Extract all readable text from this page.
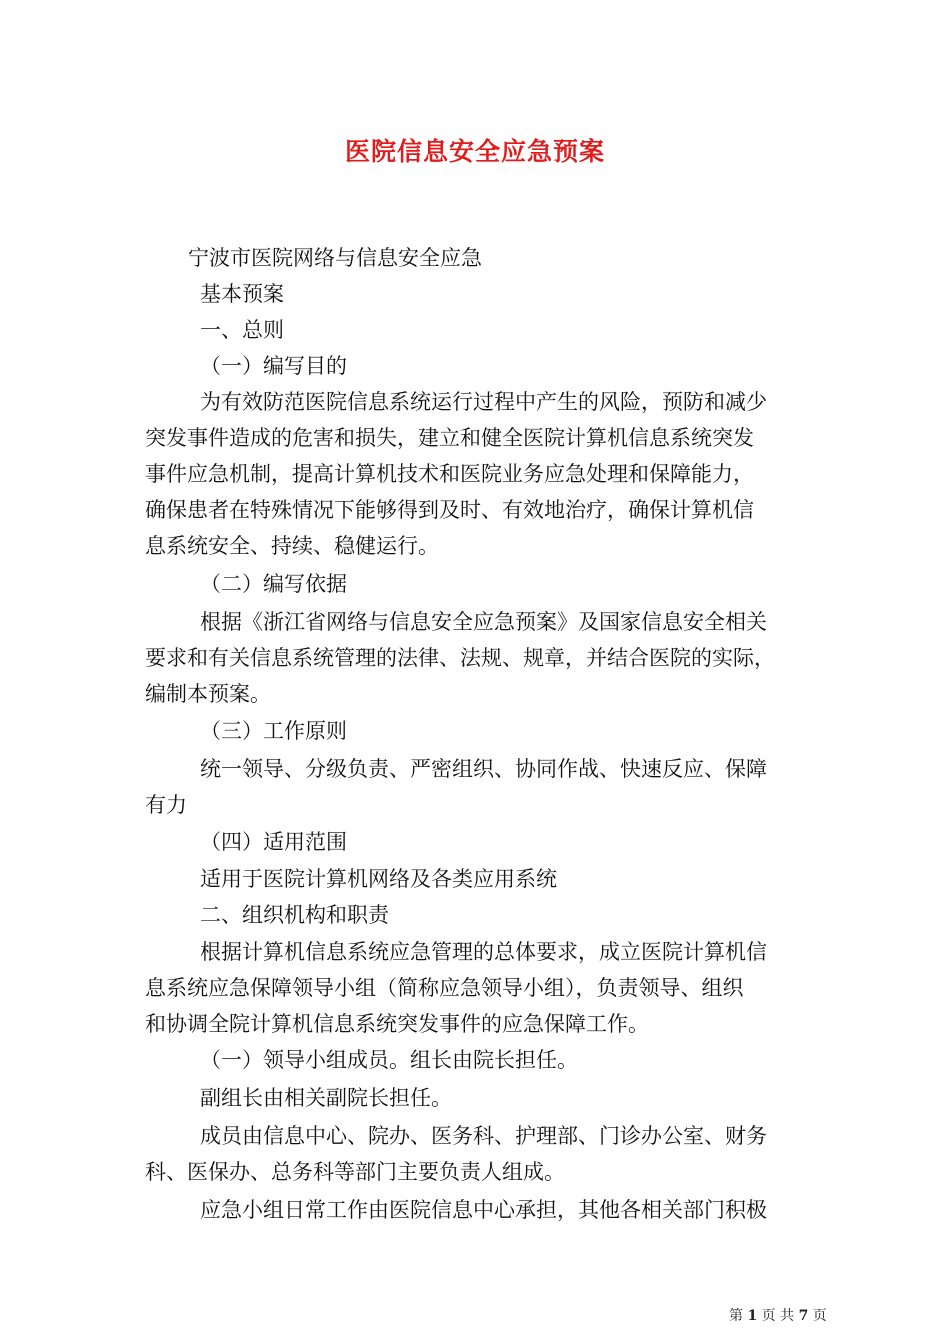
医院信息安全应急预案
宁波市医院网络与信息安全应急
基本预案
一、总则
（一）编写目的
为有效防范医院信息系统运行过程中产生的风险，预防和减少
突发事件造成的危害和损失，建立和健全医院计算机信息系统突发
事件应急机制，提高计算机技术和医院业务应急处理和保障能力，
确保患者在特殊情况下能够得到及时、有效地治疗，确保计算机信
息系统安全、持续、稳健运行。
（二）编写依据
根据《浙江省网络与信息安全应急预案》及国家信息安全相关
要求和有关信息系统管理的法律、法规、规章，并结合医院的实际，
编制本预案。
（三）工作原则
统一领导、分级负责、严密组织、协同作战、快速反应、保障
有力
（四）适用范围
适用于医院计算机网络及各类应用系统
二、组织机构和职责
根据计算机信息系统应急管理的总体要求，成立医院计算机信
息系统应急保障领导小组（简称应急领导小组），负责领导、组织
和协调全院计算机信息系统突发事件的应急保障工作。
（一）领导小组成员。组长由院长担任。
副组长由相关副院长担任。
成员由信息中心、院办、医务科、护理部、门诊办公室、财务
科、医保办、总务科等部门主要负责人组成。
应急小组日常工作由医院信息中心承担，其他各相关部门积极
第 1 页 共 7 页
